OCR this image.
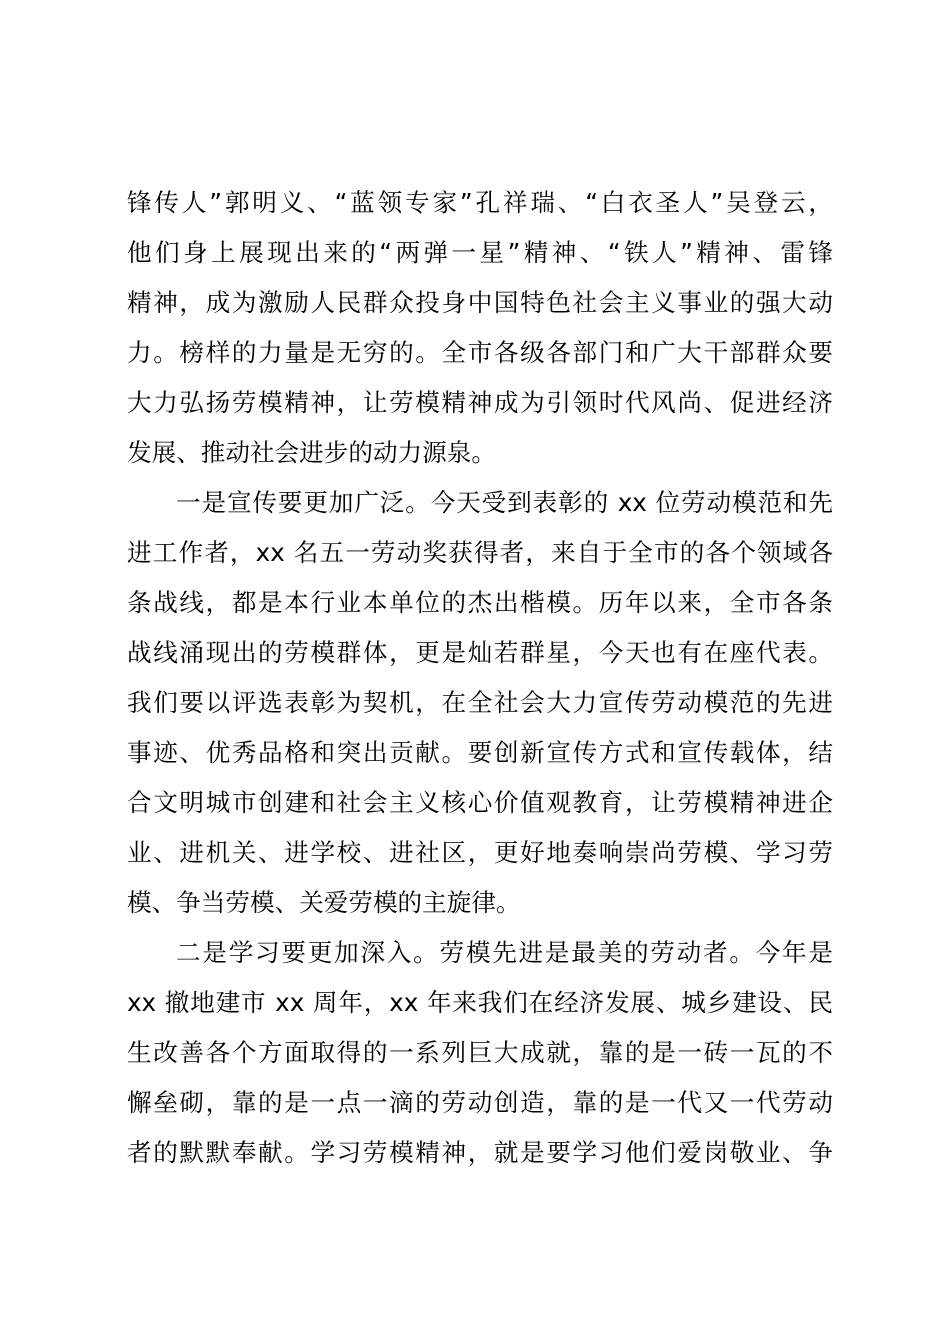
锋传人”郭明义、“蓝领专家”孔祥瑞、“白衣圣人”吴登云，
他们身上展现出来的“两弹一星”精神、“铁人”精神、雷锋
精神，成为激励人民群众投身中国特色社会主义事业的强大动
力。榜样的力量是无穷的。全市各级各部门和广大干部群众要
大力弘扬劳模精神，让劳模精神成为引领时代风尚、促进经济
发展、推动社会进步的动力源泉。
一是宣传要更加广泛。今天受到表彰的 xx 位劳动模范和先
进工作者，xx 名五一劳动奖获得者，来自于全市的各个领域各
条战线，都是本行业本单位的杰出楷模。历年以来，全市各条
战线涌现出的劳模群体，更是灿若群星，今天也有在座代表。
我们要以评选表彰为契机，在全社会大力宣传劳动模范的先进
事迹、优秀品格和突出贡献。要创新宣传方式和宣传载体，结
合文明城市创建和社会主义核心价值观教育，让劳模精神进企
业、进机关、进学校、进社区，更好地奏响崇尚劳模、学习劳
模、争当劳模、关爱劳模的主旋律。
二是学习要更加深入。劳模先进是最美的劳动者。今年是
xx 撤地建市 xx 周年，xx 年来我们在经济发展、城乡建设、民
生改善各个方面取得的一系列巨大成就，靠的是一砖一瓦的不
懈垒砌，靠的是一点一滴的劳动创造，靠的是一代又一代劳动
者的默默奉献。学习劳模精神，就是要学习他们爱岗敬业、争
